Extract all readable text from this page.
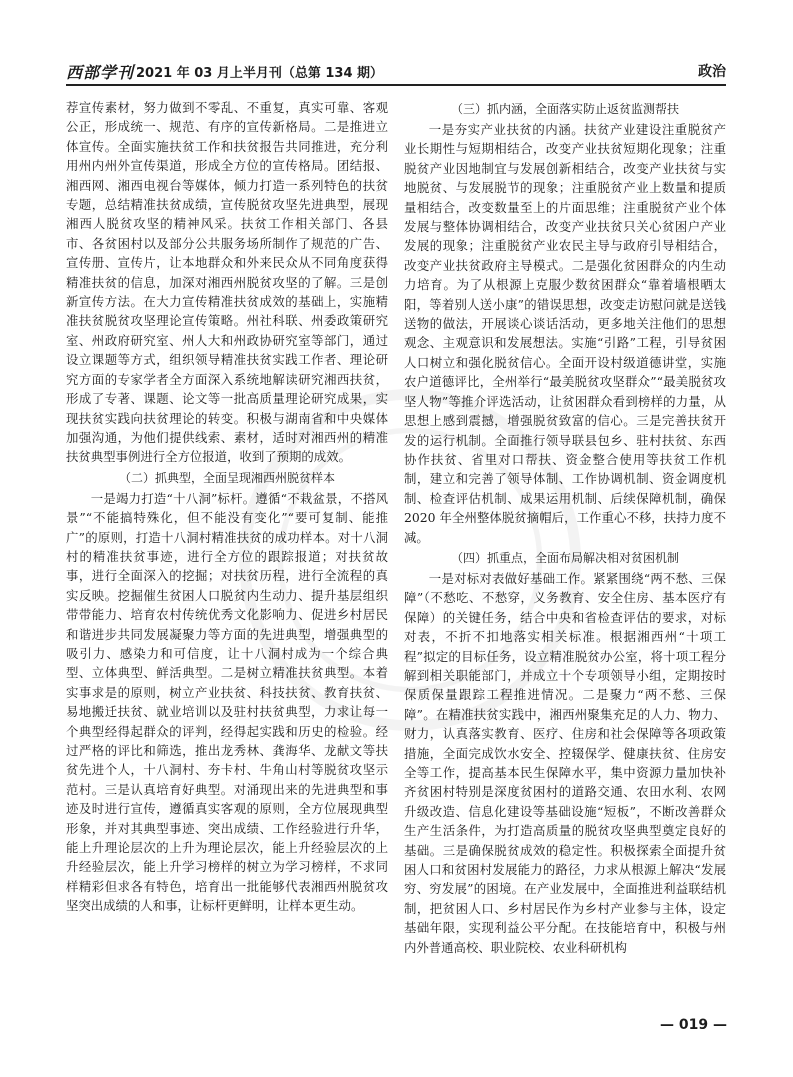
西部学刊 2021 年 03 月上半月刊（总第 134 期）	政治

荐宣传素材，努力做到不零乱、不重复，真实可靠、客观公正，形成统一、规范、有序的宣传新格局。二是推进立体宣传。全面实施扶贫工作和扶贫报告共同推进，充分利用州内州外宣传渠道，形成全方位的宣传格局。团结报、湘西网、湘西电视台等媒体，倾力打造一系列特色的扶贫专题，总结精准扶贫成绩，宣传脱贫攻坚先进典型，展现湘西人脱贫攻坚的精神风采。扶贫工作相关部门、各县市、各贫困村以及部分公共服务场所制作了规范的广告、宣传册、宣传片，让本地群众和外来民众从不同角度获得精准扶贫的信息，加深对湘西州脱贫攻坚的了解。三是创新宣传方法。在大力宣传精准扶贫成效的基础上，实施精准扶贫脱贫攻坚理论宣传策略。州社科联、州委政策研究室、州政府研究室、州人大和州政协研究室等部门，通过设立课题等方式，组织领导精准扶贫实践工作者、理论研究方面的专家学者全方面深入系统地解读研究湘西扶贫，形成了专著、课题、论文等一批高质量理论研究成果，实现扶贫实践向扶贫理论的转变。积极与湖南省和中央媒体加强沟通，为他们提供线索、素材，适时对湘西州的精准扶贫典型事例进行全方位报道，收到了预期的成效。

（二）抓典型，全面呈现湘西州脱贫样本

一是竭力打造“十八洞”标杆。遵循“不栽盆景，不搭风景”“不能搞特殊化，但不能没有变化”“要可复制、能推广”的原则，打造十八洞村精准扶贫的成功样本。对十八洞村的精准扶贫事迹，进行全方位的跟踪报道；对扶贫故事，进行全面深入的挖掘；对扶贫历程，进行全流程的真实反映。挖掘催生贫困人口脱贫内生动力、提升基层组织带带能力、培育农村传统优秀文化影响力、促进乡村居民和谐进步共同发展凝聚力等方面的先进典型，增强典型的吸引力、感染力和可信度，让十八洞村成为一个综合典型、立体典型、鲜活典型。二是树立精准扶贫典型。本着实事求是的原则，树立产业扶贫、科技扶贫、教育扶贫、易地搬迁扶贫、就业培训以及驻村扶贫典型，力求让每一个典型经得起群众的评判，经得起实践和历史的检验。经过严格的评比和筛选，推出龙秀林、龚海华、龙献文等扶贫先进个人，十八洞村、夯卡村、牛角山村等脱贫攻坚示范村。三是认真培育好典型。对涌现出来的先进典型和事迹及时进行宣传，遵循真实客观的原则，全方位展现典型形象，并对其典型事迹、突出成绩、工作经验进行升华，能上升理论层次的上升为理论层次，能上升经验层次的上升经验层次，能上升学习榜样的树立为学习榜样，不求同样精彩但求各有特色，培育出一批能够代表湘西州脱贫攻坚突出成绩的人和事，让标杆更鲜明，让样本更生动。

（三）抓内涵，全面落实防止返贫监测帮扶

一是夯实产业扶贫的内涵。扶贫产业建设注重脱贫产业长期性与短期相结合，改变产业扶贫短期化现象；注重脱贫产业因地制宜与发展创新相结合，改变产业扶贫与实地脱贫、与发展脱节的现象；注重脱贫产业上数量和提质量相结合，改变数量至上的片面思维；注重脱贫产业个体发展与整体协调相结合，改变产业扶贫只关心贫困户产业发展的现象；注重脱贫产业农民主导与政府引导相结合，改变产业扶贫政府主导模式。二是强化贫困群众的内生动力培育。为了从根源上克服少数贫困群众“靠着墙根晒太阳，等着别人送小康”的错误思想，改变走访慰问就是送钱送物的做法，开展谈心谈话活动，更多地关注他们的思想观念、主观意识和发展想法。实施“引路”工程，引导贫困人口树立和强化脱贫信心。全面开设村级道德讲堂，实施农户道德评比，全州举行“最美脱贫攻坚群众”“最美脱贫攻坚人物”等推介评选活动，让贫困群众看到榜样的力量，从思想上感到震撼，增强脱贫致富的信心。三是完善扶贫开发的运行机制。全面推行领导联县包乡、驻村扶贫、东西协作扶贫、省里对口帮扶、资金整合使用等扶贫工作机制，建立和完善了领导体制、工作协调机制、资金调度机制、检查评估机制、成果运用机制、后续保障机制，确保 2020 年全州整体脱贫摘帽后，工作重心不移，扶持力度不减。

（四）抓重点，全面布局解决相对贫困机制

一是对标对表做好基础工作。紧紧围绕“两不愁、三保障”（不愁吃、不愁穿，义务教育、安全住房、基本医疗有保障）的关键任务，结合中央和省检查评估的要求，对标对表，不折不扣地落实相关标准。根据湘西州“十项工程”拟定的目标任务，设立精准脱贫办公室，将十项工程分解到相关职能部门，并成立十个专项领导小组，定期按时保质保量跟踪工程推进情况。二是聚力“两不愁、三保障”。在精准扶贫实践中，湘西州聚集充足的人力、物力、财力，认真落实教育、医疗、住房和社会保障等各项政策措施，全面完成饮水安全、控辍保学、健康扶贫、住房安全等工作，提高基本民生保障水平，集中资源力量加快补齐贫困村特别是深度贫困村的道路交通、农田水利、农网升级改造、信息化建设等基础设施“短板”，不断改善群众生产生活条件，为打造高质量的脱贫攻坚典型奠定良好的基础。三是确保脱贫成效的稳定性。积极探索全面提升贫困人口和贫困村发展能力的路径，力求从根源上解决“发展穷、穷发展”的困境。在产业发展中，全面推进利益联结机制，把贫困人口、乡村居民作为乡村产业参与主体，设定基础年限，实现利益公平分配。在技能培育中，积极与州内外普通高校、职业院校、农业科研机构

— 019 —
